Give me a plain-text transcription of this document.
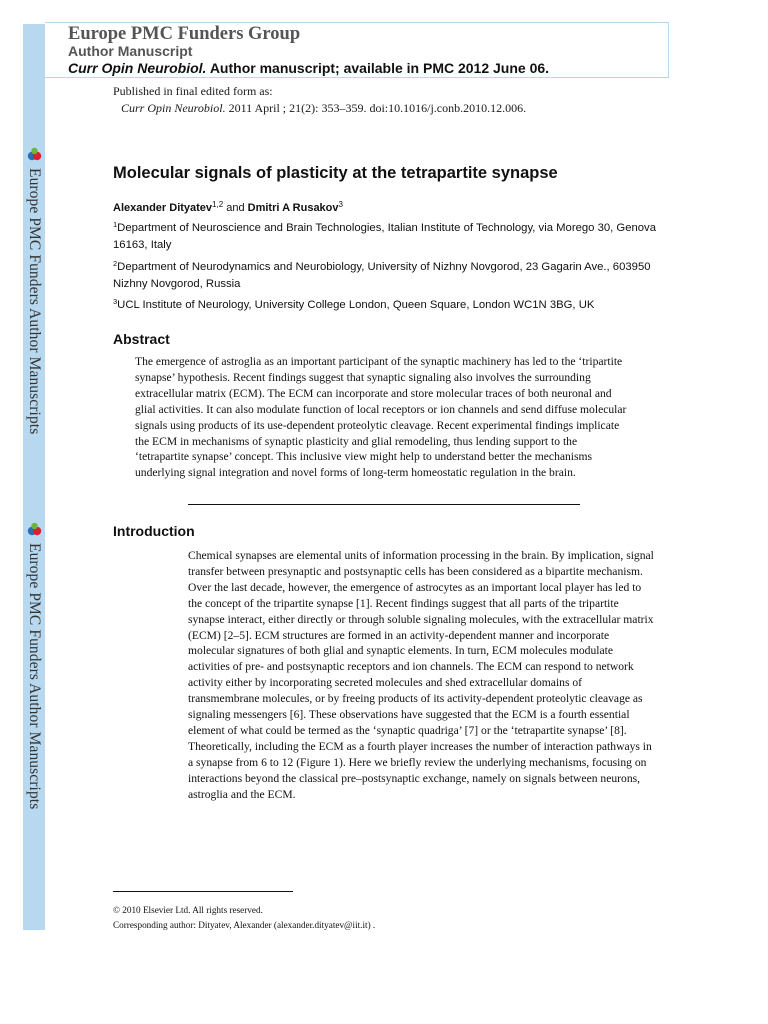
Europe PMC Funders Author Manuscripts
Europe PMC Funders Author Manuscripts
Europe PMC Funders Group
Author Manuscript
Curr Opin Neurobiol. Author manuscript; available in PMC 2012 June 06.
Published in final edited form as:
Curr Opin Neurobiol. 2011 April ; 21(2): 353–359. doi:10.1016/j.conb.2010.12.006.
Molecular signals of plasticity at the tetrapartite synapse
Alexander Dityatev$^{1,2}$ and Dmitri A Rusakov$^3$
$^1$Department of Neuroscience and Brain Technologies, Italian Institute of Technology, via Morego 30, Genova 16163, Italy
$^2$Department of Neurodynamics and Neurobiology, University of Nizhny Novgorod, 23 Gagarin Ave., 603950 Nizhny Novgorod, Russia
$^3$UCL Institute of Neurology, University College London, Queen Square, London WC1N 3BG, UK
Abstract
The emergence of astroglia as an important participant of the synaptic machinery has led to the ‘tripartite synapse’ hypothesis. Recent findings suggest that synaptic signaling also involves the surrounding extracellular matrix (ECM). The ECM can incorporate and store molecular traces of both neuronal and glial activities. It can also modulate function of local receptors or ion channels and send diffuse molecular signals using products of its use-dependent proteolytic cleavage. Recent experimental findings implicate the ECM in mechanisms of synaptic plasticity and glial remodeling, thus lending support to the ‘tetrapartite synapse’ concept. This inclusive view might help to understand better the mechanisms underlying signal integration and novel forms of long-term homeostatic regulation in the brain.
Introduction
Chemical synapses are elemental units of information processing in the brain. By implication, signal transfer between presynaptic and postsynaptic cells has been considered as a bipartite mechanism. Over the last decade, however, the emergence of astrocytes as an important local player has led to the concept of the tripartite synapse [1]. Recent findings suggest that all parts of the tripartite synapse interact, either directly or through soluble signaling molecules, with the extracellular matrix (ECM) [2–5]. ECM structures are formed in an activity-dependent manner and incorporate molecular signatures of both glial and synaptic elements. In turn, ECM molecules modulate activities of pre- and postsynaptic receptors and ion channels. The ECM can respond to network activity either by incorporating secreted molecules and shed extracellular domains of transmembrane molecules, or by freeing products of its activity-dependent proteolytic cleavage as signaling messengers [6]. These observations have suggested that the ECM is a fourth essential element of what could be termed as the ‘synaptic quadriga’ [7] or the ‘tetrapartite synapse’ [8]. Theoretically, including the ECM as a fourth player increases the number of interaction pathways in a synapse from 6 to 12 (Figure 1). Here we briefly review the underlying mechanisms, focusing on interactions beyond the classical pre–postsynaptic exchange, namely on signals between neurons, astroglia and the ECM.
© 2010 Elsevier Ltd. All rights reserved.
Corresponding author: Dityatev, Alexander (alexander.dityatev@iit.it) .
